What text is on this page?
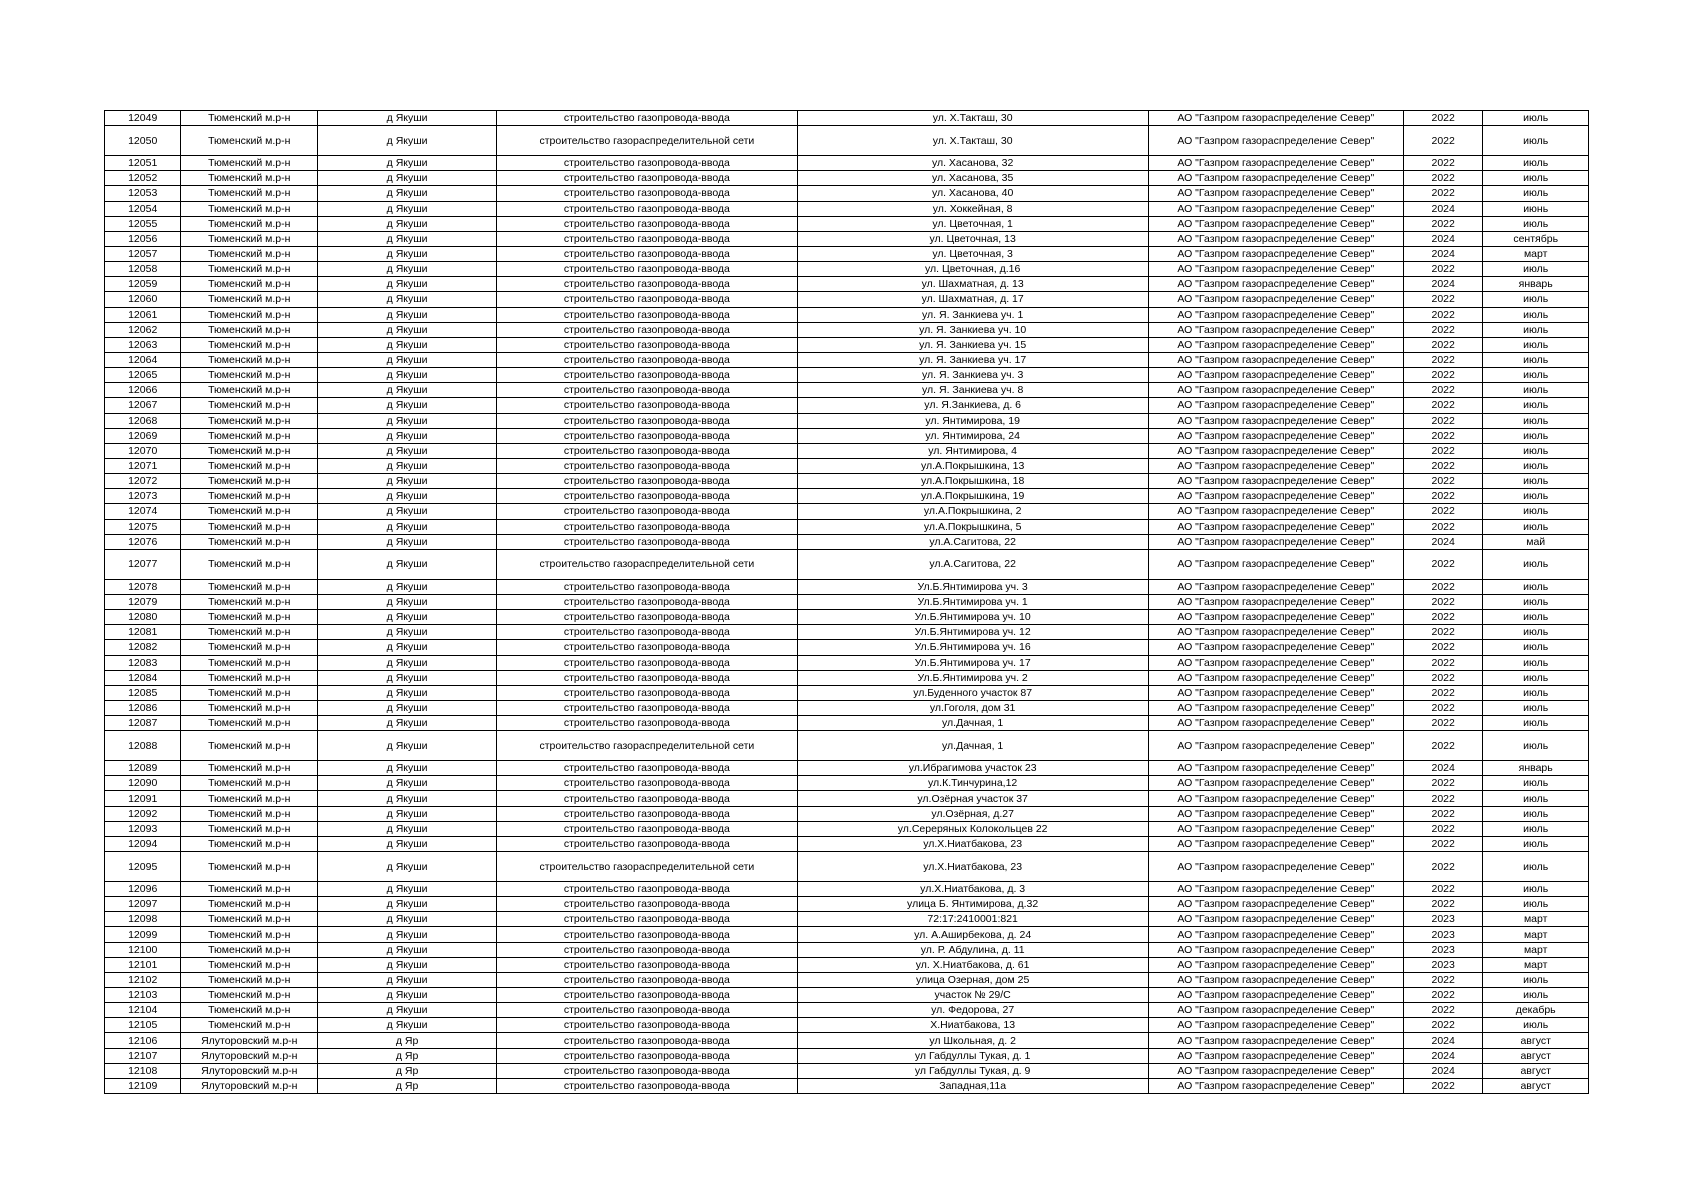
12049	Тюменский м.р-н	д Якуши	строительство газопровода-ввода	ул. Х.Такташ, 30	АО "Газпром газораспределение Север"	2022	июль
12050	Тюменский м.р-н	д Якуши	строительство газораспределительной сети	ул. Х.Такташ, 30	АО "Газпром газораспределение Север"	2022	июль
12051	Тюменский м.р-н	д Якуши	строительство газопровода-ввода	ул. Хасанова, 32	АО "Газпром газораспределение Север"	2022	июль
12052	Тюменский м.р-н	д Якуши	строительство газопровода-ввода	ул. Хасанова, 35	АО "Газпром газораспределение Север"	2022	июль
12053	Тюменский м.р-н	д Якуши	строительство газопровода-ввода	ул. Хасанова, 40	АО "Газпром газораспределение Север"	2022	июль
12054	Тюменский м.р-н	д Якуши	строительство газопровода-ввода	ул. Хоккейная, 8	АО "Газпром газораспределение Север"	2024	июнь
12055	Тюменский м.р-н	д Якуши	строительство газопровода-ввода	ул. Цветочная, 1	АО "Газпром газораспределение Север"	2022	июль
12056	Тюменский м.р-н	д Якуши	строительство газопровода-ввода	ул. Цветочная, 13	АО "Газпром газораспределение Север"	2024	сентябрь
12057	Тюменский м.р-н	д Якуши	строительство газопровода-ввода	ул. Цветочная, 3	АО "Газпром газораспределение Север"	2024	март
12058	Тюменский м.р-н	д Якуши	строительство газопровода-ввода	ул. Цветочная, д.16	АО "Газпром газораспределение Север"	2022	июль
12059	Тюменский м.р-н	д Якуши	строительство газопровода-ввода	ул. Шахматная, д. 13	АО "Газпром газораспределение Север"	2024	январь
12060	Тюменский м.р-н	д Якуши	строительство газопровода-ввода	ул. Шахматная, д. 17	АО "Газпром газораспределение Север"	2022	июль
12061	Тюменский м.р-н	д Якуши	строительство газопровода-ввода	ул. Я. Занкиева уч. 1	АО "Газпром газораспределение Север"	2022	июль
12062	Тюменский м.р-н	д Якуши	строительство газопровода-ввода	ул. Я. Занкиева уч. 10	АО "Газпром газораспределение Север"	2022	июль
12063	Тюменский м.р-н	д Якуши	строительство газопровода-ввода	ул. Я. Занкиева уч. 15	АО "Газпром газораспределение Север"	2022	июль
12064	Тюменский м.р-н	д Якуши	строительство газопровода-ввода	ул. Я. Занкиева уч. 17	АО "Газпром газораспределение Север"	2022	июль
12065	Тюменский м.р-н	д Якуши	строительство газопровода-ввода	ул. Я. Занкиева уч. 3	АО "Газпром газораспределение Север"	2022	июль
12066	Тюменский м.р-н	д Якуши	строительство газопровода-ввода	ул. Я. Занкиева уч. 8	АО "Газпром газораспределение Север"	2022	июль
12067	Тюменский м.р-н	д Якуши	строительство газопровода-ввода	ул. Я.Занкиева, д. 6	АО "Газпром газораспределение Север"	2022	июль
12068	Тюменский м.р-н	д Якуши	строительство газопровода-ввода	ул. Янтимирова, 19	АО "Газпром газораспределение Север"	2022	июль
12069	Тюменский м.р-н	д Якуши	строительство газопровода-ввода	ул. Янтимирова, 24	АО "Газпром газораспределение Север"	2022	июль
12070	Тюменский м.р-н	д Якуши	строительство газопровода-ввода	ул. Янтимирова, 4	АО "Газпром газораспределение Север"	2022	июль
12071	Тюменский м.р-н	д Якуши	строительство газопровода-ввода	ул.А.Покрышкина, 13	АО "Газпром газораспределение Север"	2022	июль
12072	Тюменский м.р-н	д Якуши	строительство газопровода-ввода	ул.А.Покрышкина, 18	АО "Газпром газораспределение Север"	2022	июль
12073	Тюменский м.р-н	д Якуши	строительство газопровода-ввода	ул.А.Покрышкина, 19	АО "Газпром газораспределение Север"	2022	июль
12074	Тюменский м.р-н	д Якуши	строительство газопровода-ввода	ул.А.Покрышкина, 2	АО "Газпром газораспределение Север"	2022	июль
12075	Тюменский м.р-н	д Якуши	строительство газопровода-ввода	ул.А.Покрышкина, 5	АО "Газпром газораспределение Север"	2022	июль
12076	Тюменский м.р-н	д Якуши	строительство газопровода-ввода	ул.А.Сагитова, 22	АО "Газпром газораспределение Север"	2024	май
12077	Тюменский м.р-н	д Якуши	строительство газораспределительной сети	ул.А.Сагитова, 22	АО "Газпром газораспределение Север"	2022	июль
12078	Тюменский м.р-н	д Якуши	строительство газопровода-ввода	Ул.Б.Янтимирова уч. 3	АО "Газпром газораспределение Север"	2022	июль
12079	Тюменский м.р-н	д Якуши	строительство газопровода-ввода	Ул.Б.Янтимирова уч. 1	АО "Газпром газораспределение Север"	2022	июль
12080	Тюменский м.р-н	д Якуши	строительство газопровода-ввода	Ул.Б.Янтимирова уч. 10	АО "Газпром газораспределение Север"	2022	июль
12081	Тюменский м.р-н	д Якуши	строительство газопровода-ввода	Ул.Б.Янтимирова уч. 12	АО "Газпром газораспределение Север"	2022	июль
12082	Тюменский м.р-н	д Якуши	строительство газопровода-ввода	Ул.Б.Янтимирова уч. 16	АО "Газпром газораспределение Север"	2022	июль
12083	Тюменский м.р-н	д Якуши	строительство газопровода-ввода	Ул.Б.Янтимирова уч. 17	АО "Газпром газораспределение Север"	2022	июль
12084	Тюменский м.р-н	д Якуши	строительство газопровода-ввода	Ул.Б.Янтимирова уч. 2	АО "Газпром газораспределение Север"	2022	июль
12085	Тюменский м.р-н	д Якуши	строительство газопровода-ввода	ул.Буденного участок 87	АО "Газпром газораспределение Север"	2022	июль
12086	Тюменский м.р-н	д Якуши	строительство газопровода-ввода	ул.Гоголя, дом 31	АО "Газпром газораспределение Север"	2022	июль
12087	Тюменский м.р-н	д Якуши	строительство газопровода-ввода	ул.Дачная, 1	АО "Газпром газораспределение Север"	2022	июль
12088	Тюменский м.р-н	д Якуши	строительство газораспределительной сети	ул.Дачная, 1	АО "Газпром газораспределение Север"	2022	июль
12089	Тюменский м.р-н	д Якуши	строительство газопровода-ввода	ул.Ибрагимова участок 23	АО "Газпром газораспределение Север"	2024	январь
12090	Тюменский м.р-н	д Якуши	строительство газопровода-ввода	ул.К.Тинчурина,12	АО "Газпром газораспределение Север"	2022	июль
12091	Тюменский м.р-н	д Якуши	строительство газопровода-ввода	ул.Озёрная участок 37	АО "Газпром газораспределение Север"	2022	июль
12092	Тюменский м.р-н	д Якуши	строительство газопровода-ввода	ул.Озёрная, д.27	АО "Газпром газораспределение Север"	2022	июль
12093	Тюменский м.р-н	д Якуши	строительство газопровода-ввода	ул.Сереряных Колокольцев 22	АО "Газпром газораспределение Север"	2022	июль
12094	Тюменский м.р-н	д Якуши	строительство газопровода-ввода	ул.Х.Ниатбакова, 23	АО "Газпром газораспределение Север"	2022	июль
12095	Тюменский м.р-н	д Якуши	строительство газораспределительной сети	ул.Х.Ниатбакова, 23	АО "Газпром газораспределение Север"	2022	июль
12096	Тюменский м.р-н	д Якуши	строительство газопровода-ввода	ул.Х.Ниатбакова, д. 3	АО "Газпром газораспределение Север"	2022	июль
12097	Тюменский м.р-н	д Якуши	строительство газопровода-ввода	улица Б. Янтимирова, д.32	АО "Газпром газораспределение Север"	2022	июль
12098	Тюменский м.р-н	д Якуши	строительство газопровода-ввода	72:17:2410001:821	АО "Газпром газораспределение Север"	2023	март
12099	Тюменский м.р-н	д Якуши	строительство газопровода-ввода	ул. А.Аширбекова, д. 24	АО "Газпром газораспределение Север"	2023	март
12100	Тюменский м.р-н	д Якуши	строительство газопровода-ввода	ул. Р. Абдулина, д. 11	АО "Газпром газораспределение Север"	2023	март
12101	Тюменский м.р-н	д Якуши	строительство газопровода-ввода	ул. Х.Ниатбакова, д. 61	АО "Газпром газораспределение Север"	2023	март
12102	Тюменский м.р-н	д Якуши	строительство газопровода-ввода	улица Озерная, дом 25	АО "Газпром газораспределение Север"	2022	июль
12103	Тюменский м.р-н	д Якуши	строительство газопровода-ввода	участок № 29/С	АО "Газпром газораспределение Север"	2022	июль
12104	Тюменский м.р-н	д Якуши	строительство газопровода-ввода	ул. Федорова, 27	АО "Газпром газораспределение Север"	2022	декабрь
12105	Тюменский м.р-н	д Якуши	строительство газопровода-ввода	Х.Ниатбакова, 13	АО "Газпром газораспределение Север"	2022	июль
12106	Ялуторовский м.р-н	д Яр	строительство газопровода-ввода	ул Школьная, д. 2	АО "Газпром газораспределение Север"	2024	август
12107	Ялуторовский м.р-н	д Яр	строительство газопровода-ввода	ул Габдуллы Тукая, д. 1	АО "Газпром газораспределение Север"	2024	август
12108	Ялуторовский м.р-н	д Яр	строительство газопровода-ввода	ул Габдуллы Тукая, д. 9	АО "Газпром газораспределение Север"	2024	август
12109	Ялуторовский м.р-н	д Яр	строительство газопровода-ввода	Западная,11а	АО "Газпром газораспределение Север"	2022	август
